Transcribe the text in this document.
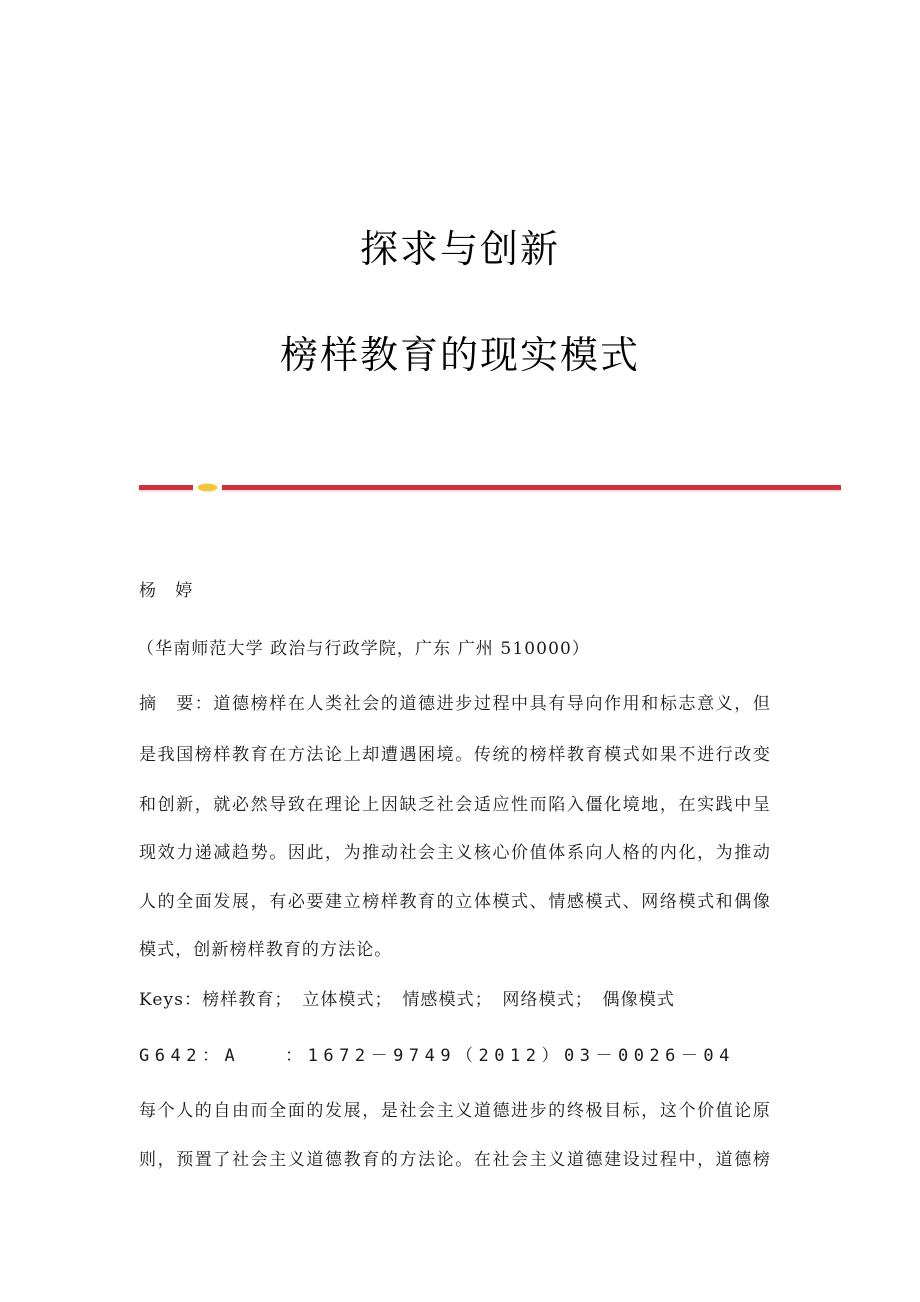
探求与创新
榜样教育的现实模式
杨　婷
（华南师范大学 政治与行政学院，广东 广州 510000）
摘　要：道德榜样在人类社会的道德进步过程中具有导向作用和标志意义，但
是我国榜样教育在方法论上却遭遇困境。传统的榜样教育模式如果不进行改变
和创新，就必然导致在理论上因缺乏社会适应性而陷入僵化境地，在实践中呈
现效力递减趋势。因此，为推动社会主义核心价值体系向人格的内化，为推动
人的全面发展，有必要建立榜样教育的立体模式、情感模式、网络模式和偶像
模式，创新榜样教育的方法论。
Keys：榜样教育；　立体模式；　情感模式；　网络模式；　偶像模式
G642：A　　：1672－9749（2012）03－0026－04
每个人的自由而全面的发展，是社会主义道德进步的终极目标，这个价值论原
则，预置了社会主义道德教育的方法论。在社会主义道德建设过程中，道德榜
